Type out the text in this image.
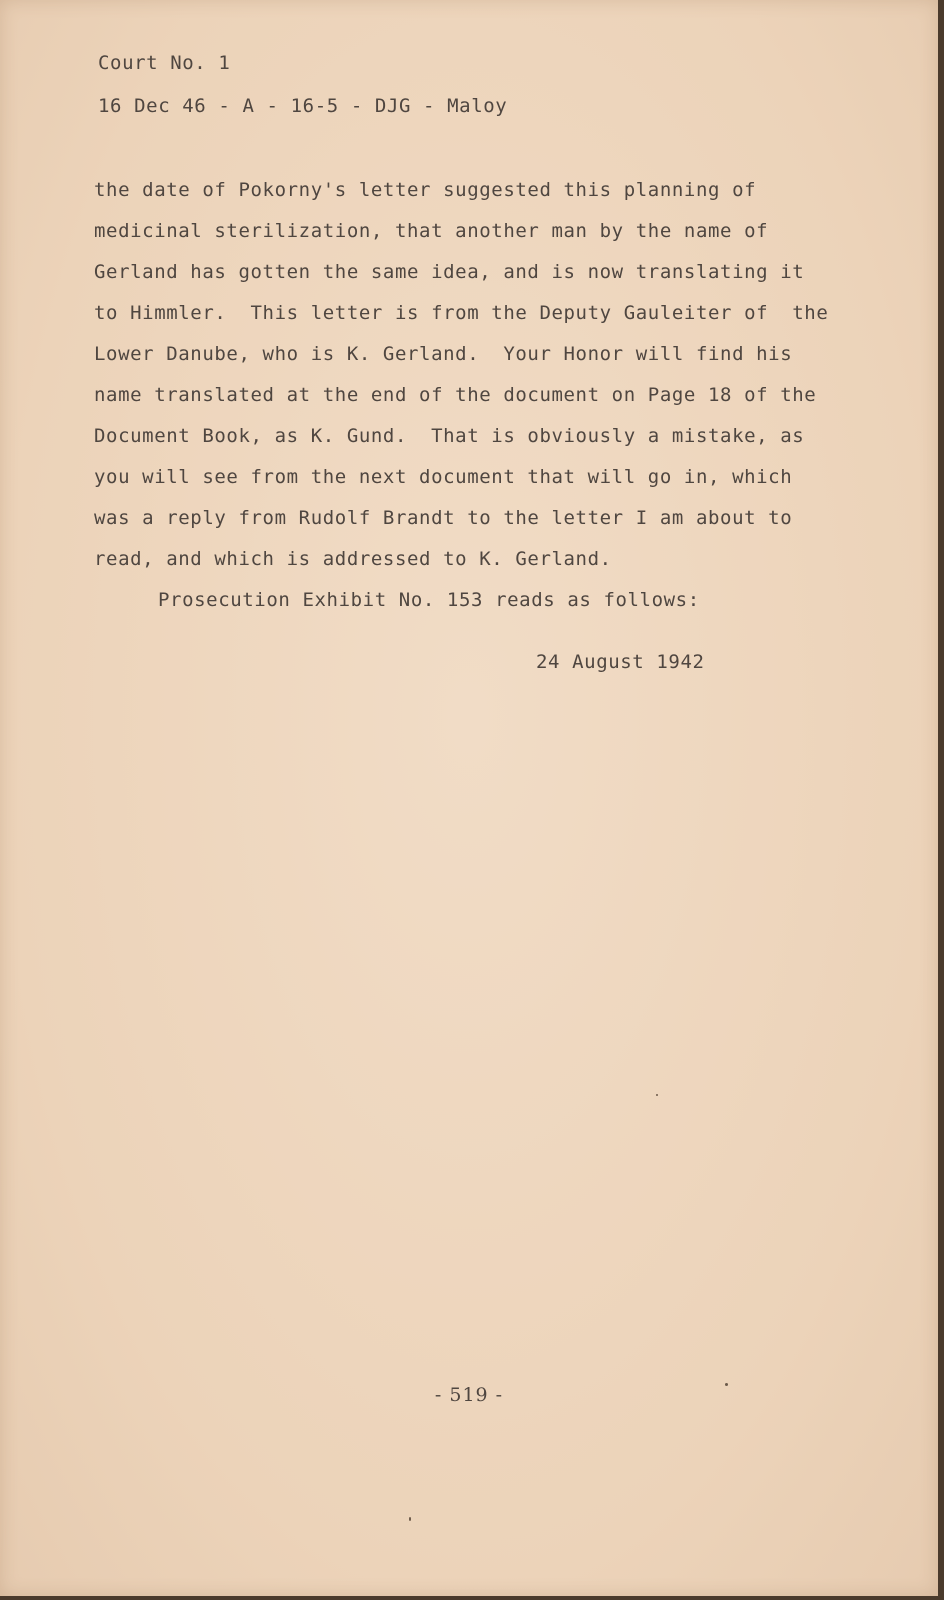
Court No. 1
16 Dec 46 - A - 16-5 - DJG - Maloy
the date of Pokorny's letter suggested this planning of
medicinal sterilization, that another man by the name of
Gerland has gotten the same idea, and is now translating it
to Himmler.  This letter is from the Deputy Gauleiter of  the
Lower Danube, who is K. Gerland.  Your Honor will find his
name translated at the end of the document on Page 18 of the
Document Book, as K. Gund.  That is obviously a mistake, as
you will see from the next document that will go in, which
was a reply from Rudolf Brandt to the letter I am about to
read, and which is addressed to K. Gerland.
Prosecution Exhibit No. 153 reads as follows:
24 August 1942
- 519 -
